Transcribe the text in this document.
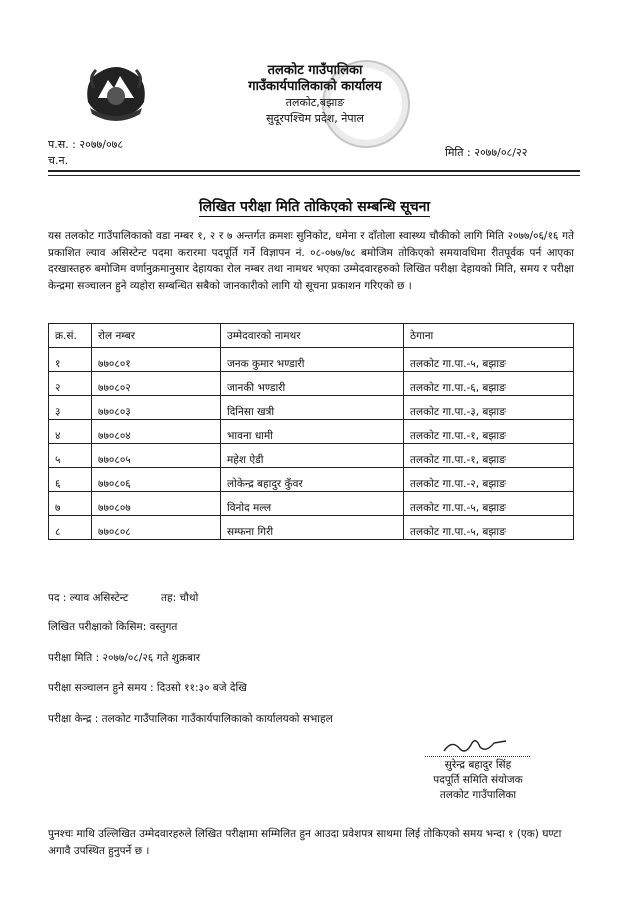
तलकोट गाउँपालिका
गाउँकार्यपालिकाको कार्यालय
तलकोट,बझाङ
सुदूरपश्चिम प्रदेश, नेपाल
प.स. : २०७७/०७८
च.न.
मिति : २०७७/०८/२२
लिखित परीक्षा मिति तोकिएको सम्बन्धि सूचना
यस तलकोट गाउँपालिकाको वडा नम्बर १, २ र ७ अन्तर्गत क्रमशः सुनिकोट, धमेना र दाँतोला स्वास्थ्य चौकीको लागि मिति २०७७/०६/१६ गते प्रकाशित ल्याव असिस्टेन्ट पदमा करारमा पदपूर्ति गर्ने विज्ञापन नं. ०८-०७७/७८ बमोजिम तोकिएको समयावधिमा रीतपूर्वक पर्न आएका दरखास्तहरु बमोजिम वर्णानुक्रमानुसार देहायका रोल नम्बर तथा नामथर भएका उम्मेदवारहरुको लिखित परीक्षा देहायको मिति, समय र परीक्षा केन्द्रमा सञ्चालन हुने व्यहोरा सम्बन्धित सबैको जानकारीको लागि यो सूचना प्रकाशन गरिएको छ ।
क्र.सं.	रोल नम्बर	उम्मेदवारको नामथर	ठेगाना
१	७७०८०१	जनक कुमार भण्डारी	तलकोट गा.पा.-५, बझाङ
२	७७०८०२	जानकी भण्डारी	तलकोट गा.पा.-६, बझाङ
३	७७०८०३	दिनिसा खत्री	तलकोट गा.पा.-३, बझाङ
४	७७०८०४	भावना धामी	तलकोट गा.पा.-१, बझाङ
५	७७०८०५	महेश ऐडी	तलकोट गा.पा.-१, बझाङ
६	७७०८०६	लोकेन्द्र बहादुर कुँवर	तलकोट गा.पा.-२, बझाङ
७	७७०८०७	विनोद मल्ल	तलकोट गा.पा.-५, बझाङ
८	७७०८०८	सम्फना गिरी	तलकोट गा.पा.-५, बझाङ
पद : ल्याव असिस्टेन्ट	तह: चौथो
लिखित परीक्षाको किसिम: वस्तुगत
परीक्षा मिति : २०७७/०८/२६ गते शुक्रबार
परीक्षा सञ्चालन हुने समय : दिउसो ११:३० बजे देखि
परीक्षा केन्द्र : तलकोट गाउँपालिका गाउँकार्यपालिकाको कार्यालयको सभाहल
सुरेन्द्र बहादुर सिंह
पदपूर्ति समिति संयोजक
तलकोट गाउँपालिका
पुनश्चः माथि उल्लिखित उम्मेदवारहरुले लिखित परीक्षामा सम्मिलित हुन आउदा प्रवेशपत्र साथमा लिई तोकिएको समय भन्दा १ (एक) घण्टा अगावै उपस्थित हुनुपर्ने छ ।
